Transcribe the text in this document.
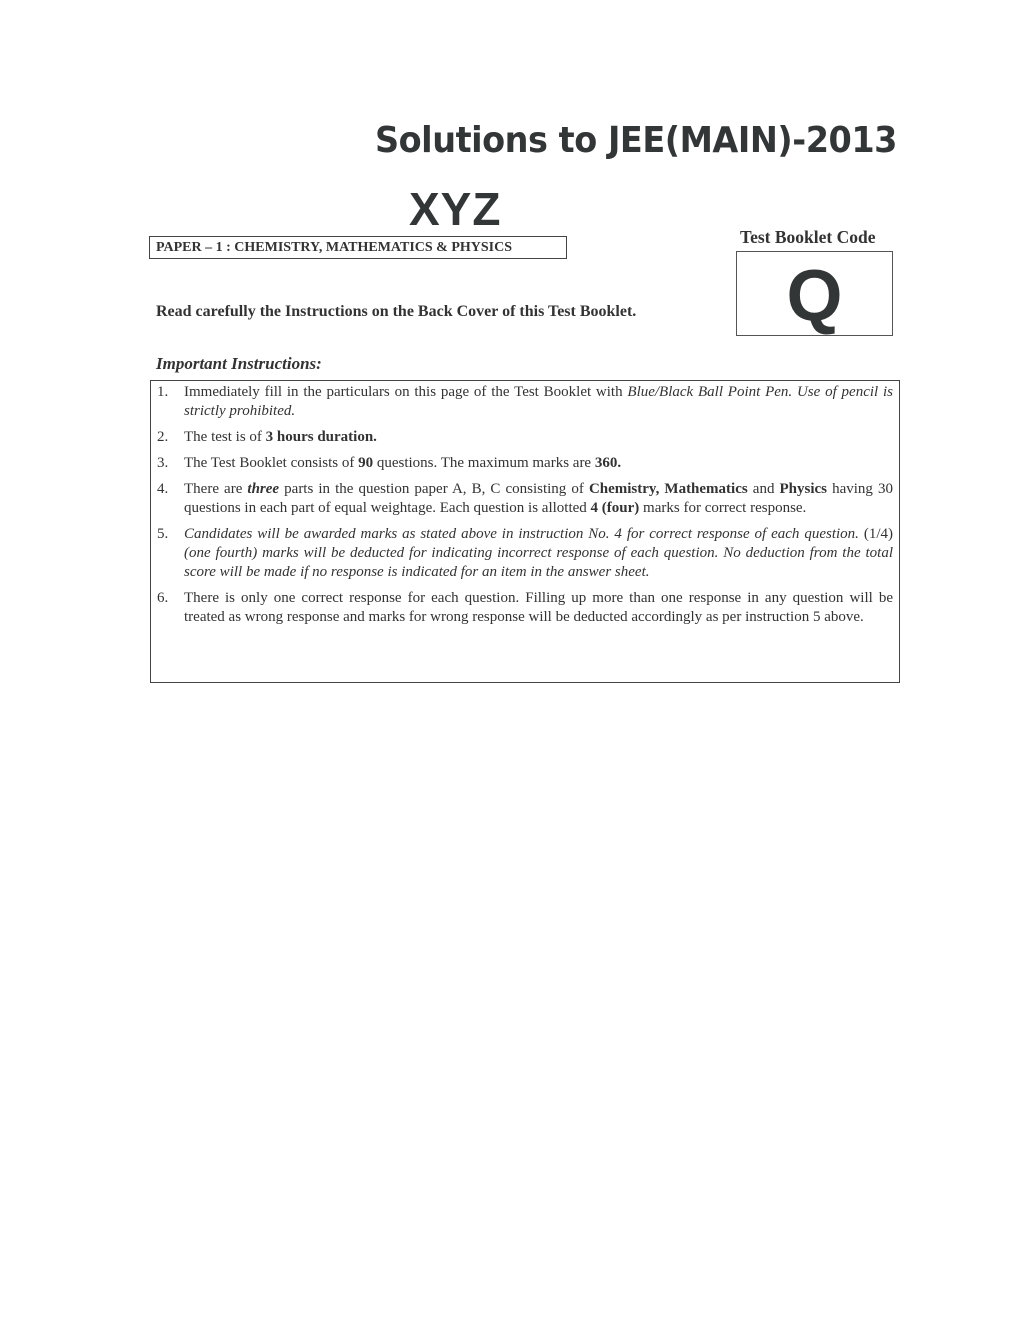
Solutions to JEE(MAIN)-2013
XYZ
PAPER – 1 : CHEMISTRY, MATHEMATICS & PHYSICS
Test Booklet Code
Q
Read carefully the Instructions on the Back Cover of this Test Booklet.
Important Instructions:
1.	Immediately fill in the particulars on this page of the Test Booklet with Blue/Black Ball Point Pen. Use of pencil is strictly prohibited.
2.	The test is of 3 hours duration.
3.	The Test Booklet consists of 90 questions. The maximum marks are 360.
4.	There are three parts in the question paper A, B, C consisting of Chemistry, Mathematics and Physics having 30 questions in each part of equal weightage. Each question is allotted 4 (four) marks for correct response.
5.	Candidates will be awarded marks as stated above in instruction No. 4 for correct response of each question. (1/4) (one fourth) marks will be deducted for indicating incorrect response of each question. No deduction from the total score will be made if no response is indicated for an item in the answer sheet.
6.	There is only one correct response for each question. Filling up more than one response in any question will be treated as wrong response and marks for wrong response will be deducted accordingly as per instruction 5 above.
